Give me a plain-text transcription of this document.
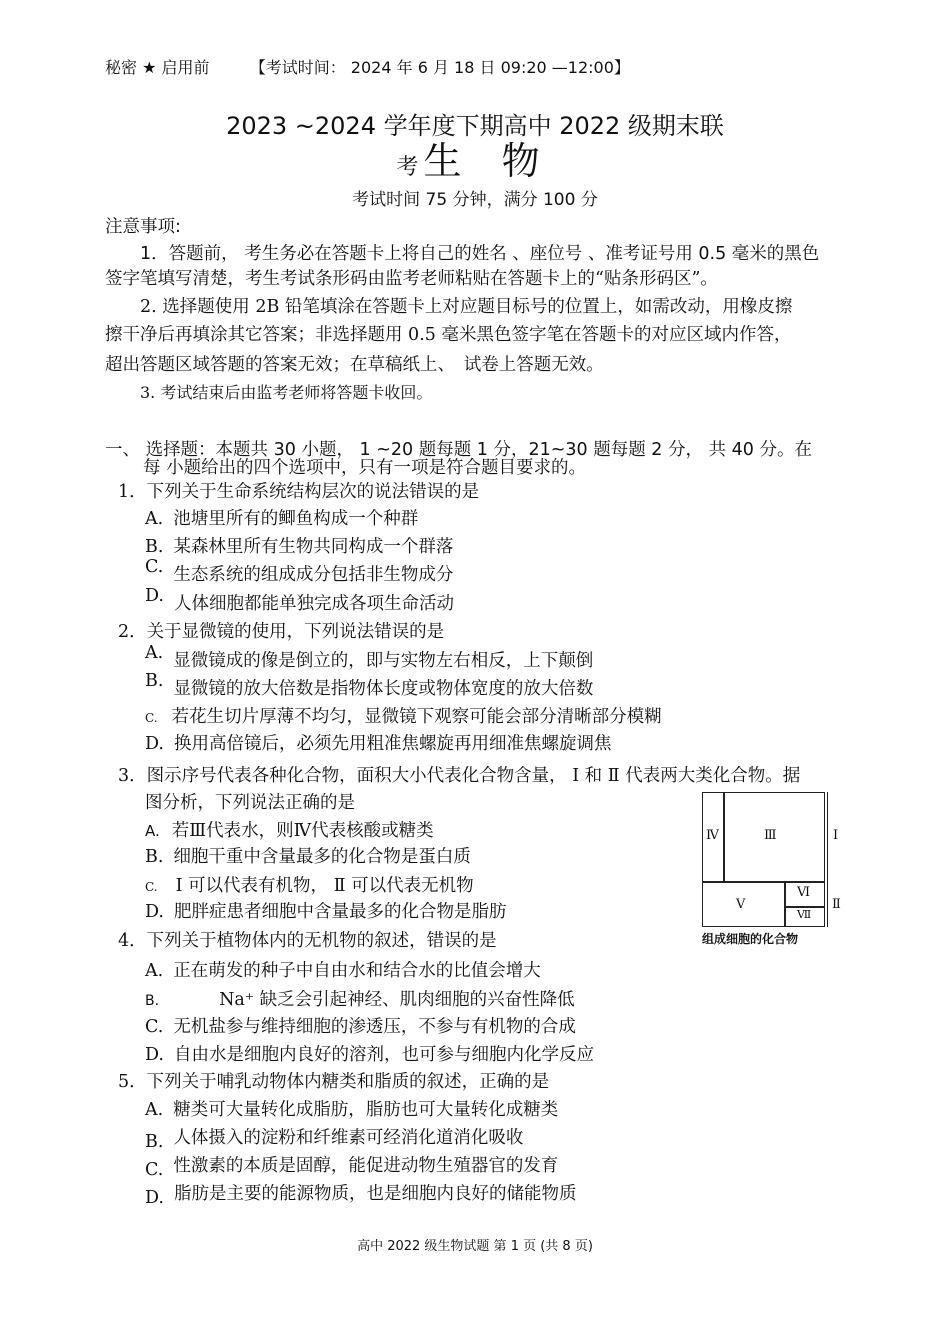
秘密 ★ 启用前	【考试时间： 2024 年 6 月 18 日 09:20 —12:00】
2023 ~2024 学年度下期高中 2022 级期末联
考 生 物
考试时间 75 分钟，满分 100 分
注意事项:
1．答题前， 考生务必在答题卡上将自己的姓名 、座位号 、准考证号用 0.5 毫米的黑色
签字笔填写清楚，考生考试条形码由监考老师粘贴在答题卡上的“贴条形码区”。
2. 选择题使用 2B 铅笔填涂在答题卡上对应题目标号的位置上，如需改动，用橡皮擦
擦干净后再填涂其它答案；非选择题用 0.5 毫米黑色签字笔在答题卡的对应区域内作答，
超出答题区域答题的答案无效；在草稿纸上、　试卷上答题无效。
3. 考试结束后由监考老师将答题卡收回。
一、 选择题：本题共 30 小题， 1 ~20 题每题 1 分，21~30 题每题 2 分， 共 40 分。在
每 小题给出的四个选项中，只有一项是符合题目要求的。
1．下列关于生命系统结构层次的说法错误的是
A. 池塘里所有的鲫鱼构成一个种群
B. 某森林里所有生物共同构成一个群落
C. 生态系统的组成成分包括非生物成分
D. 人体细胞都能单独完成各项生命活动
2．关于显微镜的使用，下列说法错误的是
A. 显微镜成的像是倒立的，即与实物左右相反，上下颠倒
B. 显微镜的放大倍数是指物体长度或物体宽度的放大倍数
C. 若花生切片厚薄不均匀，显微镜下观察可能会部分清晰部分模糊
D. 换用高倍镜后，必须先用粗准焦螺旋再用细准焦螺旋调焦
3．图示序号代表各种化合物，面积大小代表化合物含量， Ⅰ 和 Ⅱ 代表两大类化合物。据
图分析，下列说法正确的是
A. 若Ⅲ代表水，则Ⅳ代表核酸或糖类
B. 细胞干重中含量最多的化合物是蛋白质
C. Ⅰ 可以代表有机物， Ⅱ 可以代表无机物
D. 肥胖症患者细胞中含量最多的化合物是脂肪
Ⅳ	Ⅲ
Ⅴ
Ⅵ
Ⅶ
Ⅰ
Ⅱ
组成细胞的化合物
4．下列关于植物体内的无机物的叙述，错误的是
A. 正在萌发的种子中自由水和结合水的比值会增大
B.	Na⁺ 缺乏会引起神经、肌肉细胞的兴奋性降低
C. 无机盐参与维持细胞的渗透压，不参与有机物的合成
D. 自由水是细胞内良好的溶剂，也可参与细胞内化学反应
5．下列关于哺乳动物体内糖类和脂质的叙述，正确的是
A. 糖类可大量转化成脂肪，脂肪也可大量转化成糖类
B. 人体摄入的淀粉和纤维素可经消化道消化吸收
C. 性激素的本质是固醇，能促进动物生殖器官的发育
D. 脂肪是主要的能源物质，也是细胞内良好的储能物质
高中 2022 级生物试题 第 1 页 (共 8 页)
